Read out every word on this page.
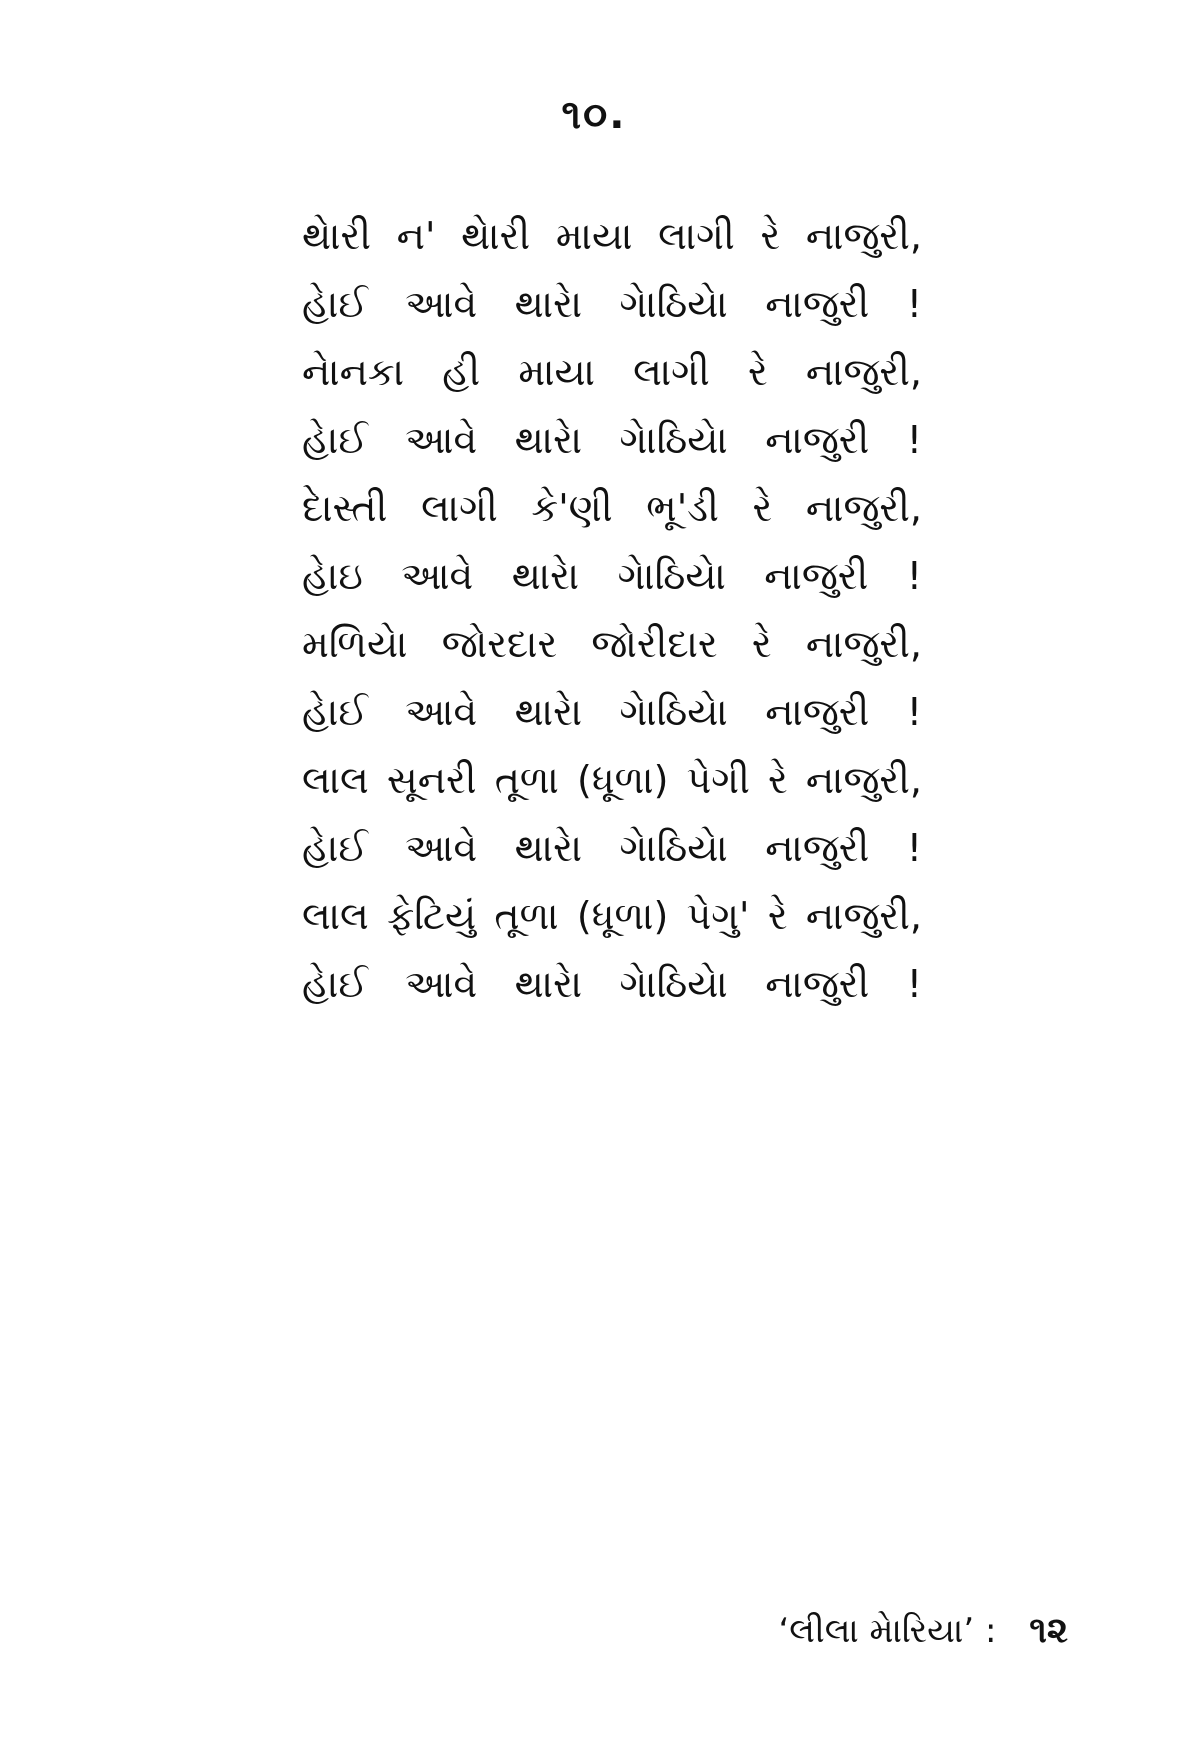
૧૦.
થેારી ન' થેારી માયા લાગી રે નાજુરી,
હેાઈ આવે થારેા ગેાઠિયેા નાજુરી !
નેાનકા હી માયા લાગી રે નાજુરી,
હેાઈ આવે થારેા ગેાઠિયેા નાજુરી !
દેાસ્તી લાગી કે'ણી ભૂ'ડી રે નાજુરી,
હેાઇ આવે થારેા ગેાઠિયેા નાજુરી !
મળિયેા જોરદાર જોરીદાર રે નાજુરી,
હેાઈ આવે થારેા ગેાઠિયેા નાજુરી !
લાલ સૂનરી તૂળા (ધૂળા) પેગી રે નાજુરી,
હેાઈ આવે થારેા ગેાઠિયેા નાજુરી !
લાલ ફેટિયું તૂળા (ધૂળા) પેગુ' રે નાજુરી,
હેાઈ આવે થારેા ગેાઠિયેા નાજુરી !
‘લીલા મેારિયા’ : ૧૨
